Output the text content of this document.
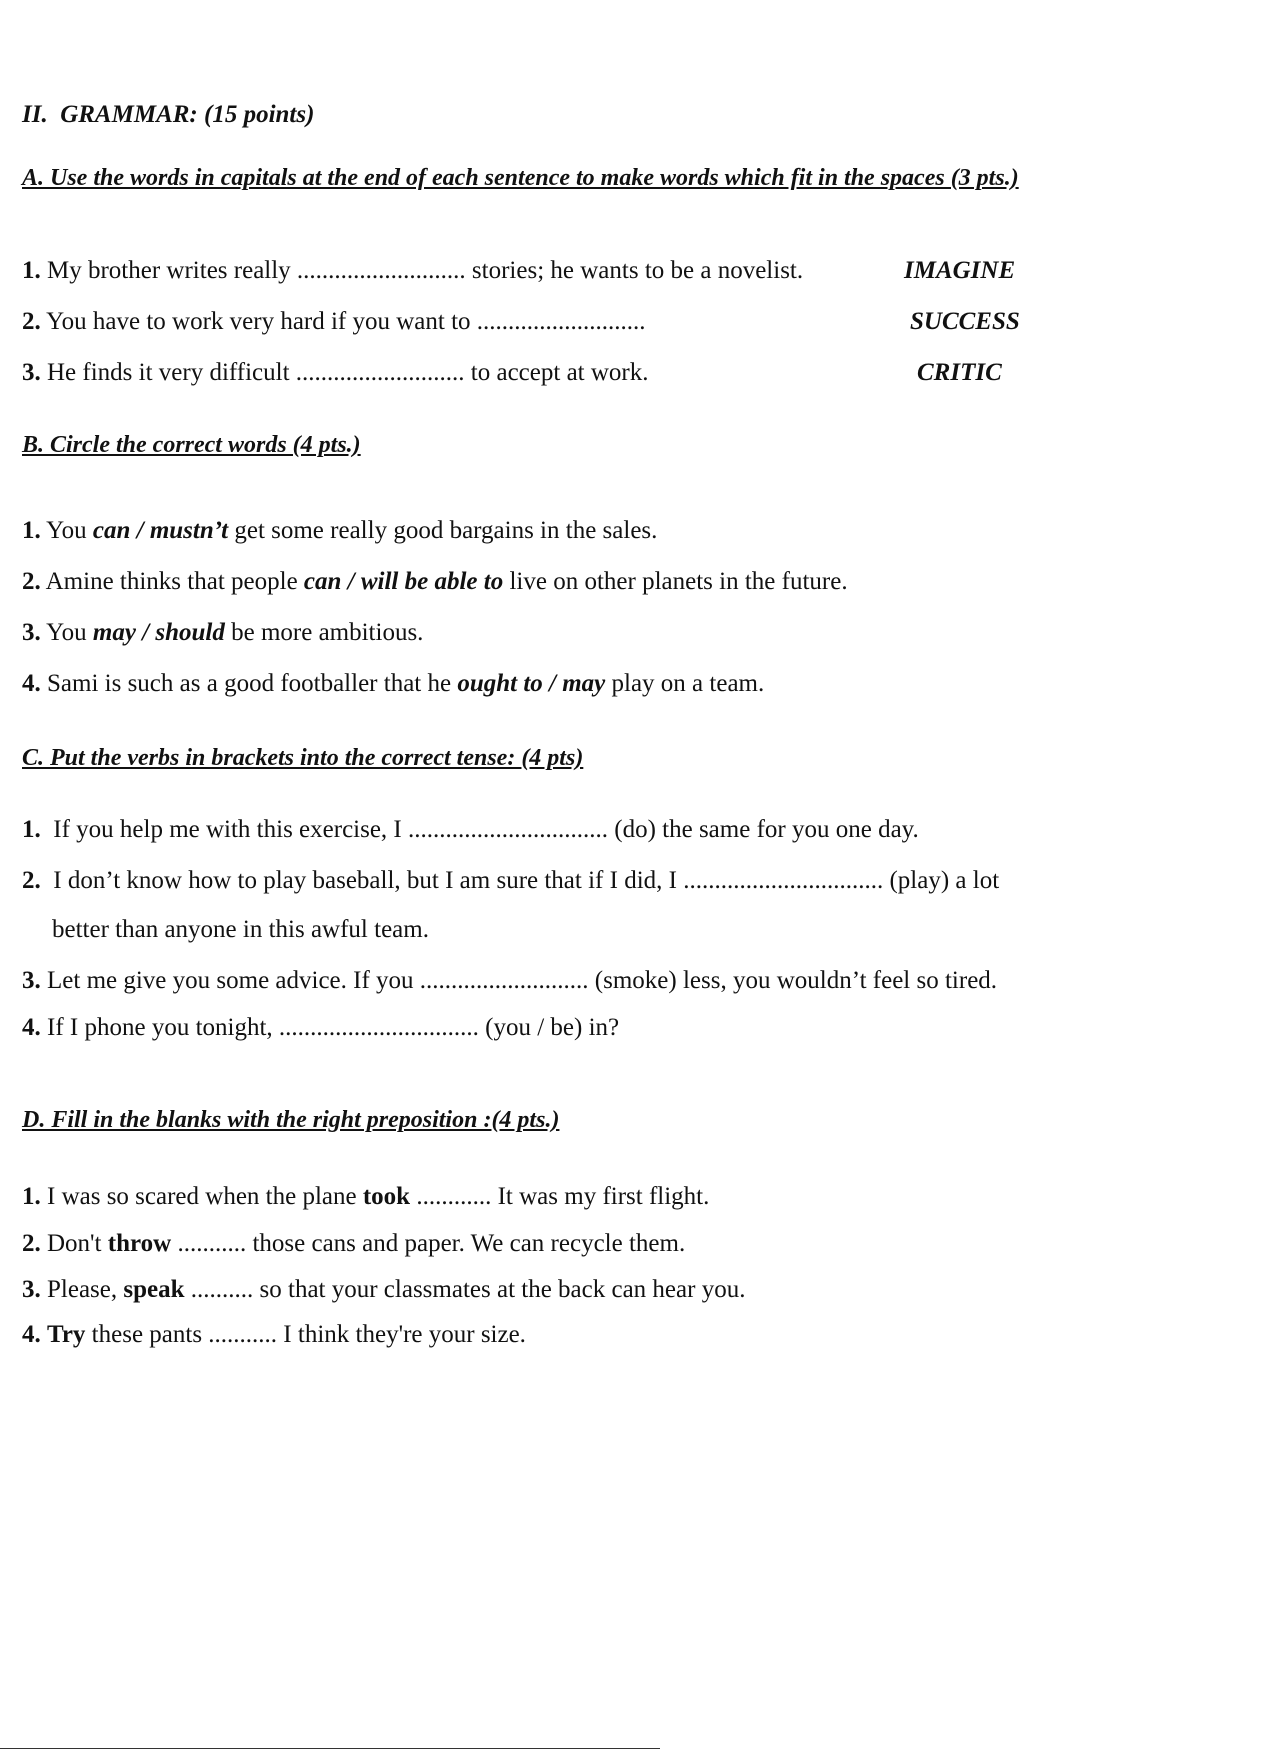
II.  GRAMMAR: (15 points)
A. Use the words in capitals at the end of each sentence to make words which fit in the spaces (3 pts.)
1. My brother writes really ........................... stories; he wants to be a novelist.	IMAGINE
2. You have to work very hard if you want to ...........................	SUCCESS
3. He finds it very difficult ........................... to accept at work.	CRITIC
B. Circle the correct words (4 pts.)
1. You can / mustn’t get some really good bargains in the sales.
2. Amine thinks that people can / will be able to live on other planets in the future.
3. You may / should be more ambitious.
4. Sami is such as a good footballer that he ought to / may play on a team.
C. Put the verbs in brackets into the correct tense: (4 pts)
1.  If you help me with this exercise, I ................................ (do) the same for you one day.
2.  I don’t know how to play baseball, but I am sure that if I did, I ................................ (play) a lot
better than anyone in this awful team.
3. Let me give you some advice. If you ........................... (smoke) less, you wouldn’t feel so tired.
4. If I phone you tonight, ................................ (you / be) in?
D. Fill in the blanks with the right preposition :(4 pts.)
1. I was so scared when the plane took ............ It was my first flight.
2. Don't throw ........... those cans and paper. We can recycle them.
3. Please, speak .......... so that your classmates at the back can hear you.
4. Try these pants ........... I think they're your size.
